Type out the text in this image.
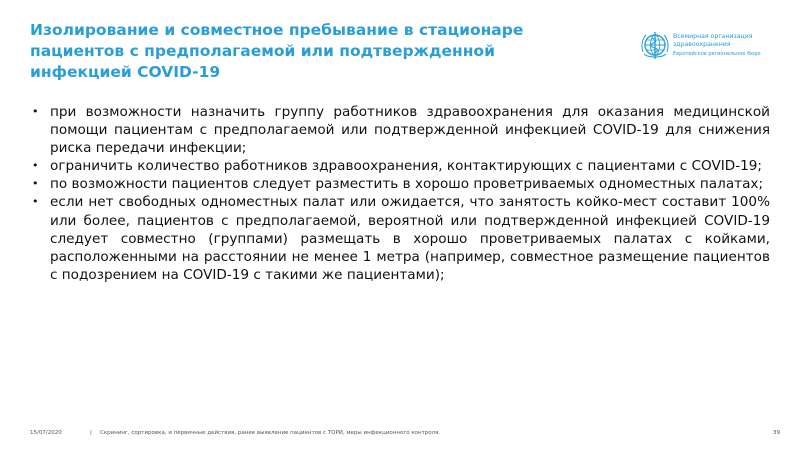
Изолирование и совместное пребывание в стационаре
пациентов с предполагаемой или подтвержденной
инфекцией COVID-19
Всемирная организация
здравоохранения
Европейское региональное бюро
• при возможности назначить группу работников здравоохранения для оказания медицинской помощи пациентам с предполагаемой или подтвержденной инфекцией COVID-19 для снижения риска передачи инфекции;
• ограничить количество работников здравоохранения, контактирующих с пациентами с COVID-19;
• по возможности пациентов следует разместить в хорошо проветриваемых одноместных палатах;
• если нет свободных одноместных палат или ожидается, что занятость койко-мест составит 100% или более, пациентов с предполагаемой, вероятной или подтвержденной инфекцией COVID-19 следует совместно (группами) размещать в хорошо проветриваемых палатах с койками, расположенными на расстоянии не менее 1 метра (например, совместное размещение пациентов с подозрением на COVID-19 с такими же пациентами);
15/07/2020	| Скрининг, сортировка, и первичные действия, ранее выявление пациентов с ТОРИ, меры инфекционного контроля.	39
